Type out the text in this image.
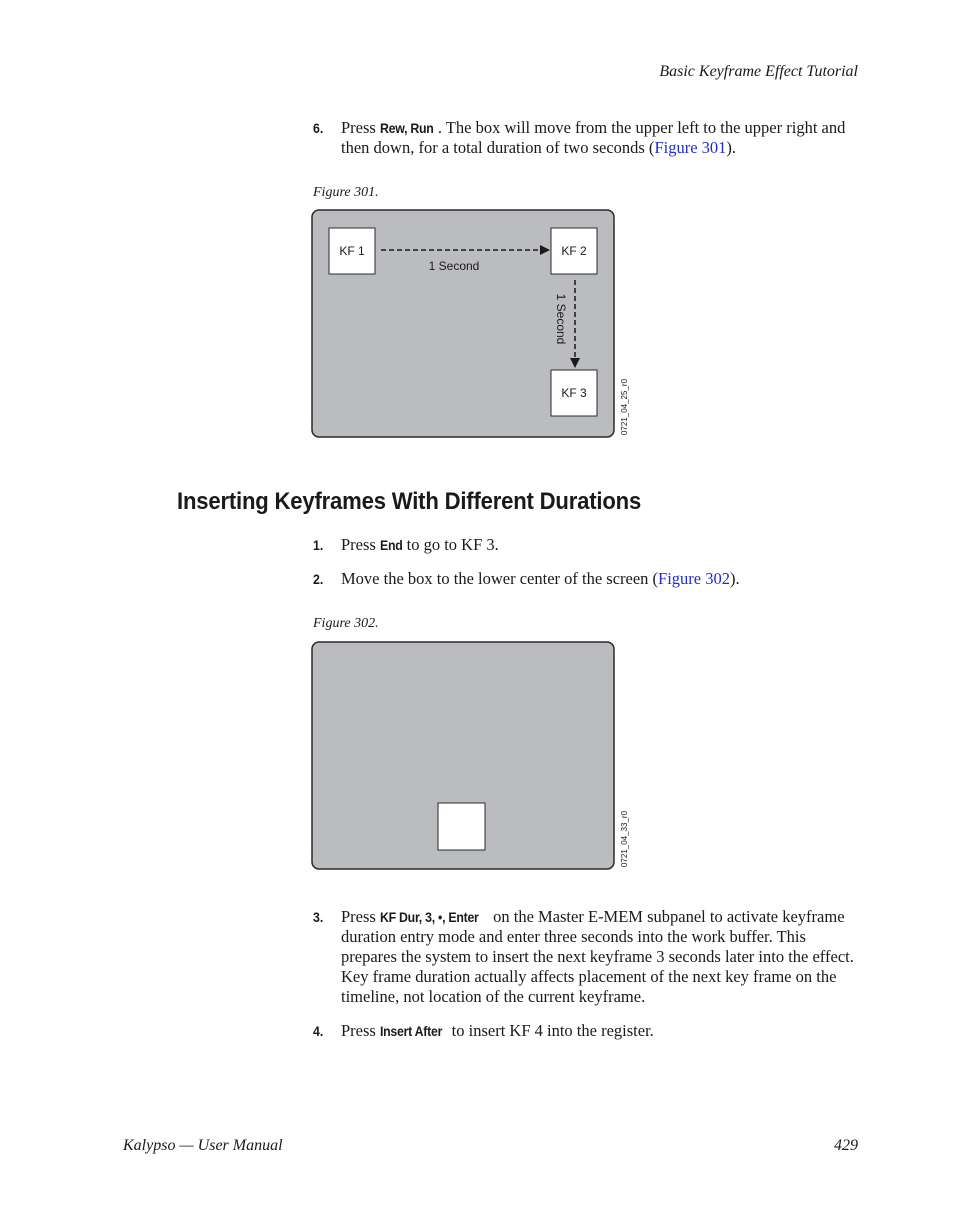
Basic Keyframe Effect Tutorial
6. Press Rew, Run . The box will move from the upper left to the upper right and then down, for a total duration of two seconds (Figure 301).
Figure 301.
KF 1	KF 2
KF 3
1 Second
1 Second
0721_04_25_r0
Inserting Keyframes With Different Durations
1. Press End to go to KF 3.
2. Move the box to the lower center of the screen (Figure 302).
Figure 302.
0721_04_33_r0
3. Press KF Dur, 3, •, Enter on the Master E-MEM subpanel to activate keyframe duration entry mode and enter three seconds into the work buffer. This prepares the system to insert the next keyframe 3 seconds later into the effect. Key frame duration actually affects placement of the next key frame on the timeline, not location of the current keyframe.
4. Press Insert After to insert KF 4 into the register.
Kalypso — User Manual	429
